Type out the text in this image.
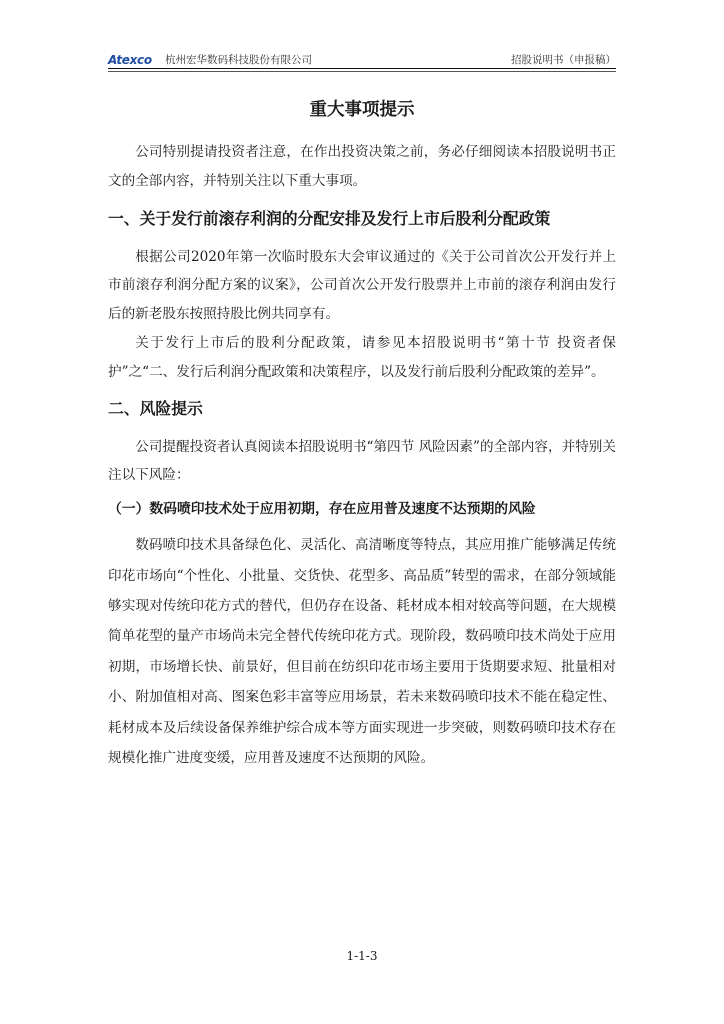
Atexco 杭州宏华数码科技股份有限公司	招股说明书（申报稿）
重大事项提示

公司特别提请投资者注意，在作出投资决策之前，务必仔细阅读本招股说明书正文的全部内容，并特别关注以下重大事项。

一、关于发行前滚存利润的分配安排及发行上市后股利分配政策

根据公司2020年第一次临时股东大会审议通过的《关于公司首次公开发行并上市前滚存利润分配方案的议案》，公司首次公开发行股票并上市前的滚存利润由发行后的新老股东按照持股比例共同享有。

关于发行上市后的股利分配政策，请参见本招股说明书“第十节 投资者保护”之“二、发行后利润分配政策和决策程序，以及发行前后股利分配政策的差异”。

二、风险提示

公司提醒投资者认真阅读本招股说明书“第四节 风险因素”的全部内容，并特别关注以下风险：

（一）数码喷印技术处于应用初期，存在应用普及速度不达预期的风险

数码喷印技术具备绿色化、灵活化、高清晰度等特点，其应用推广能够满足传统印花市场向“个性化、小批量、交货快、花型多、高品质”转型的需求，在部分领域能够实现对传统印花方式的替代，但仍存在设备、耗材成本相对较高等问题，在大规模简单花型的量产市场尚未完全替代传统印花方式。现阶段，数码喷印技术尚处于应用初期，市场增长快、前景好，但目前在纺织印花市场主要用于货期要求短、批量相对小、附加值相对高、图案色彩丰富等应用场景，若未来数码喷印技术不能在稳定性、耗材成本及后续设备保养维护综合成本等方面实现进一步突破，则数码喷印技术存在规模化推广进度变缓，应用普及速度不达预期的风险。

1-1-3
